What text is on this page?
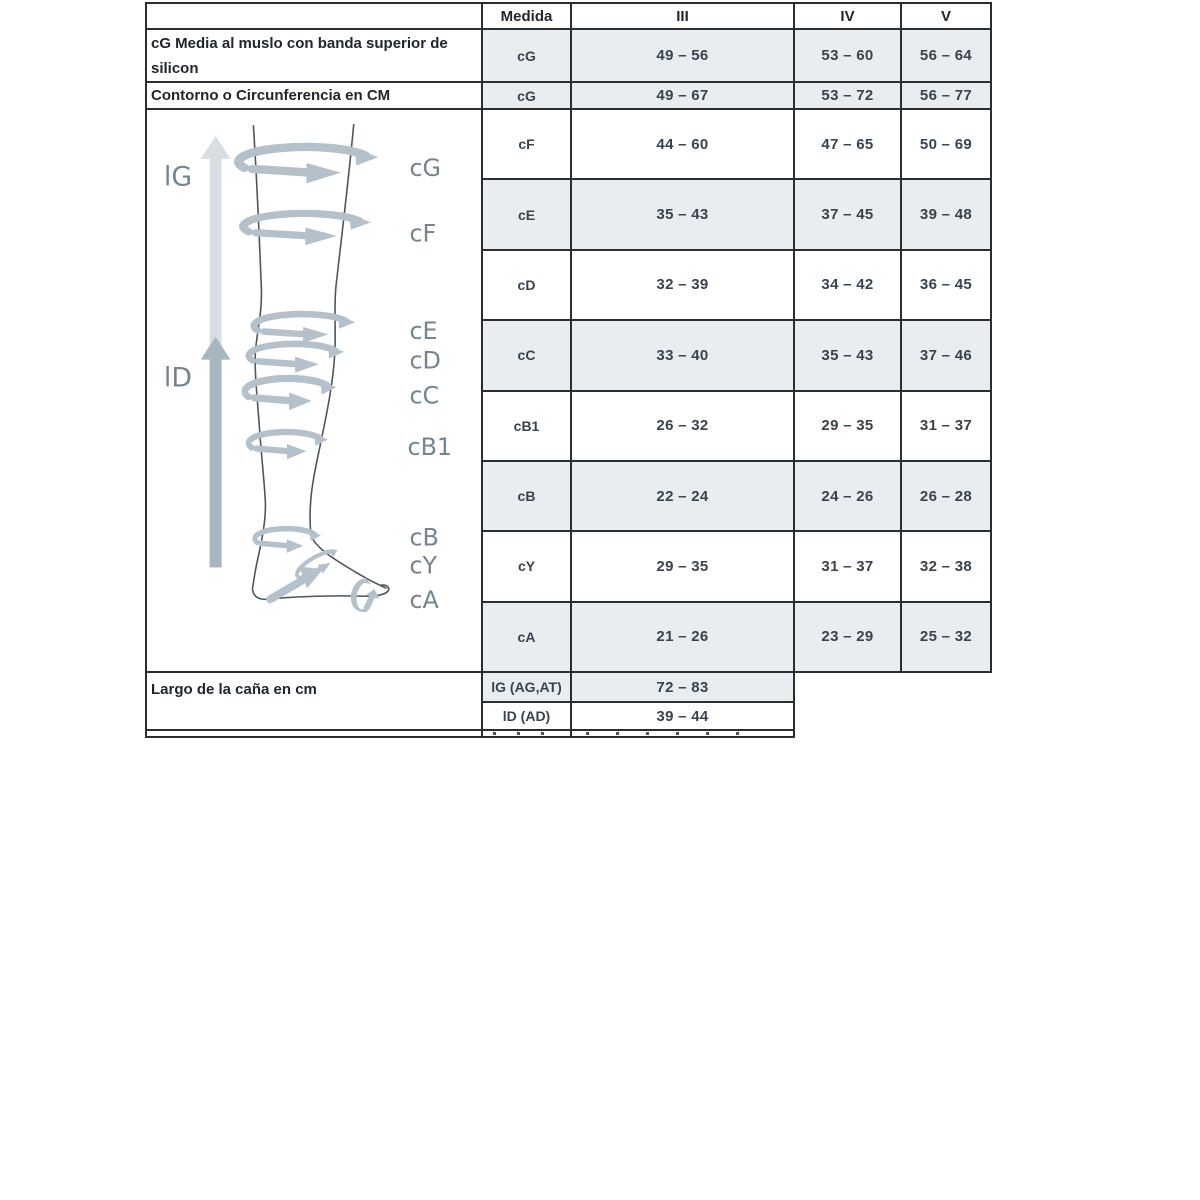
	Medida	III	IV	V
cG Media al muslo con banda superior de silicon	cG	49 – 56	53 – 60	56 – 64
Contorno o Circunferencia en CM	cG	49 – 67	53 – 72	56 – 77

lG
lD
cG
cF
cE
cD
cC
cB1
cB
cY
cA
	cF	44 – 60	47 – 65	50 – 69
	cE	35 – 43	37 – 45	39 – 48
	cD	32 – 39	34 – 42	36 – 45
	cC	33 – 40	35 – 43	37 – 46
	cB1	26 – 32	29 – 35	31 – 37
	cB	22 – 24	24 – 26	26 – 28
	cY	29 – 35	31 – 37	32 – 38
	cA	21 – 26	23 – 29	25 – 32
Largo de la caña en cm	lG (AG,AT)	72 – 83		
	lD (AD)	39 – 44		
